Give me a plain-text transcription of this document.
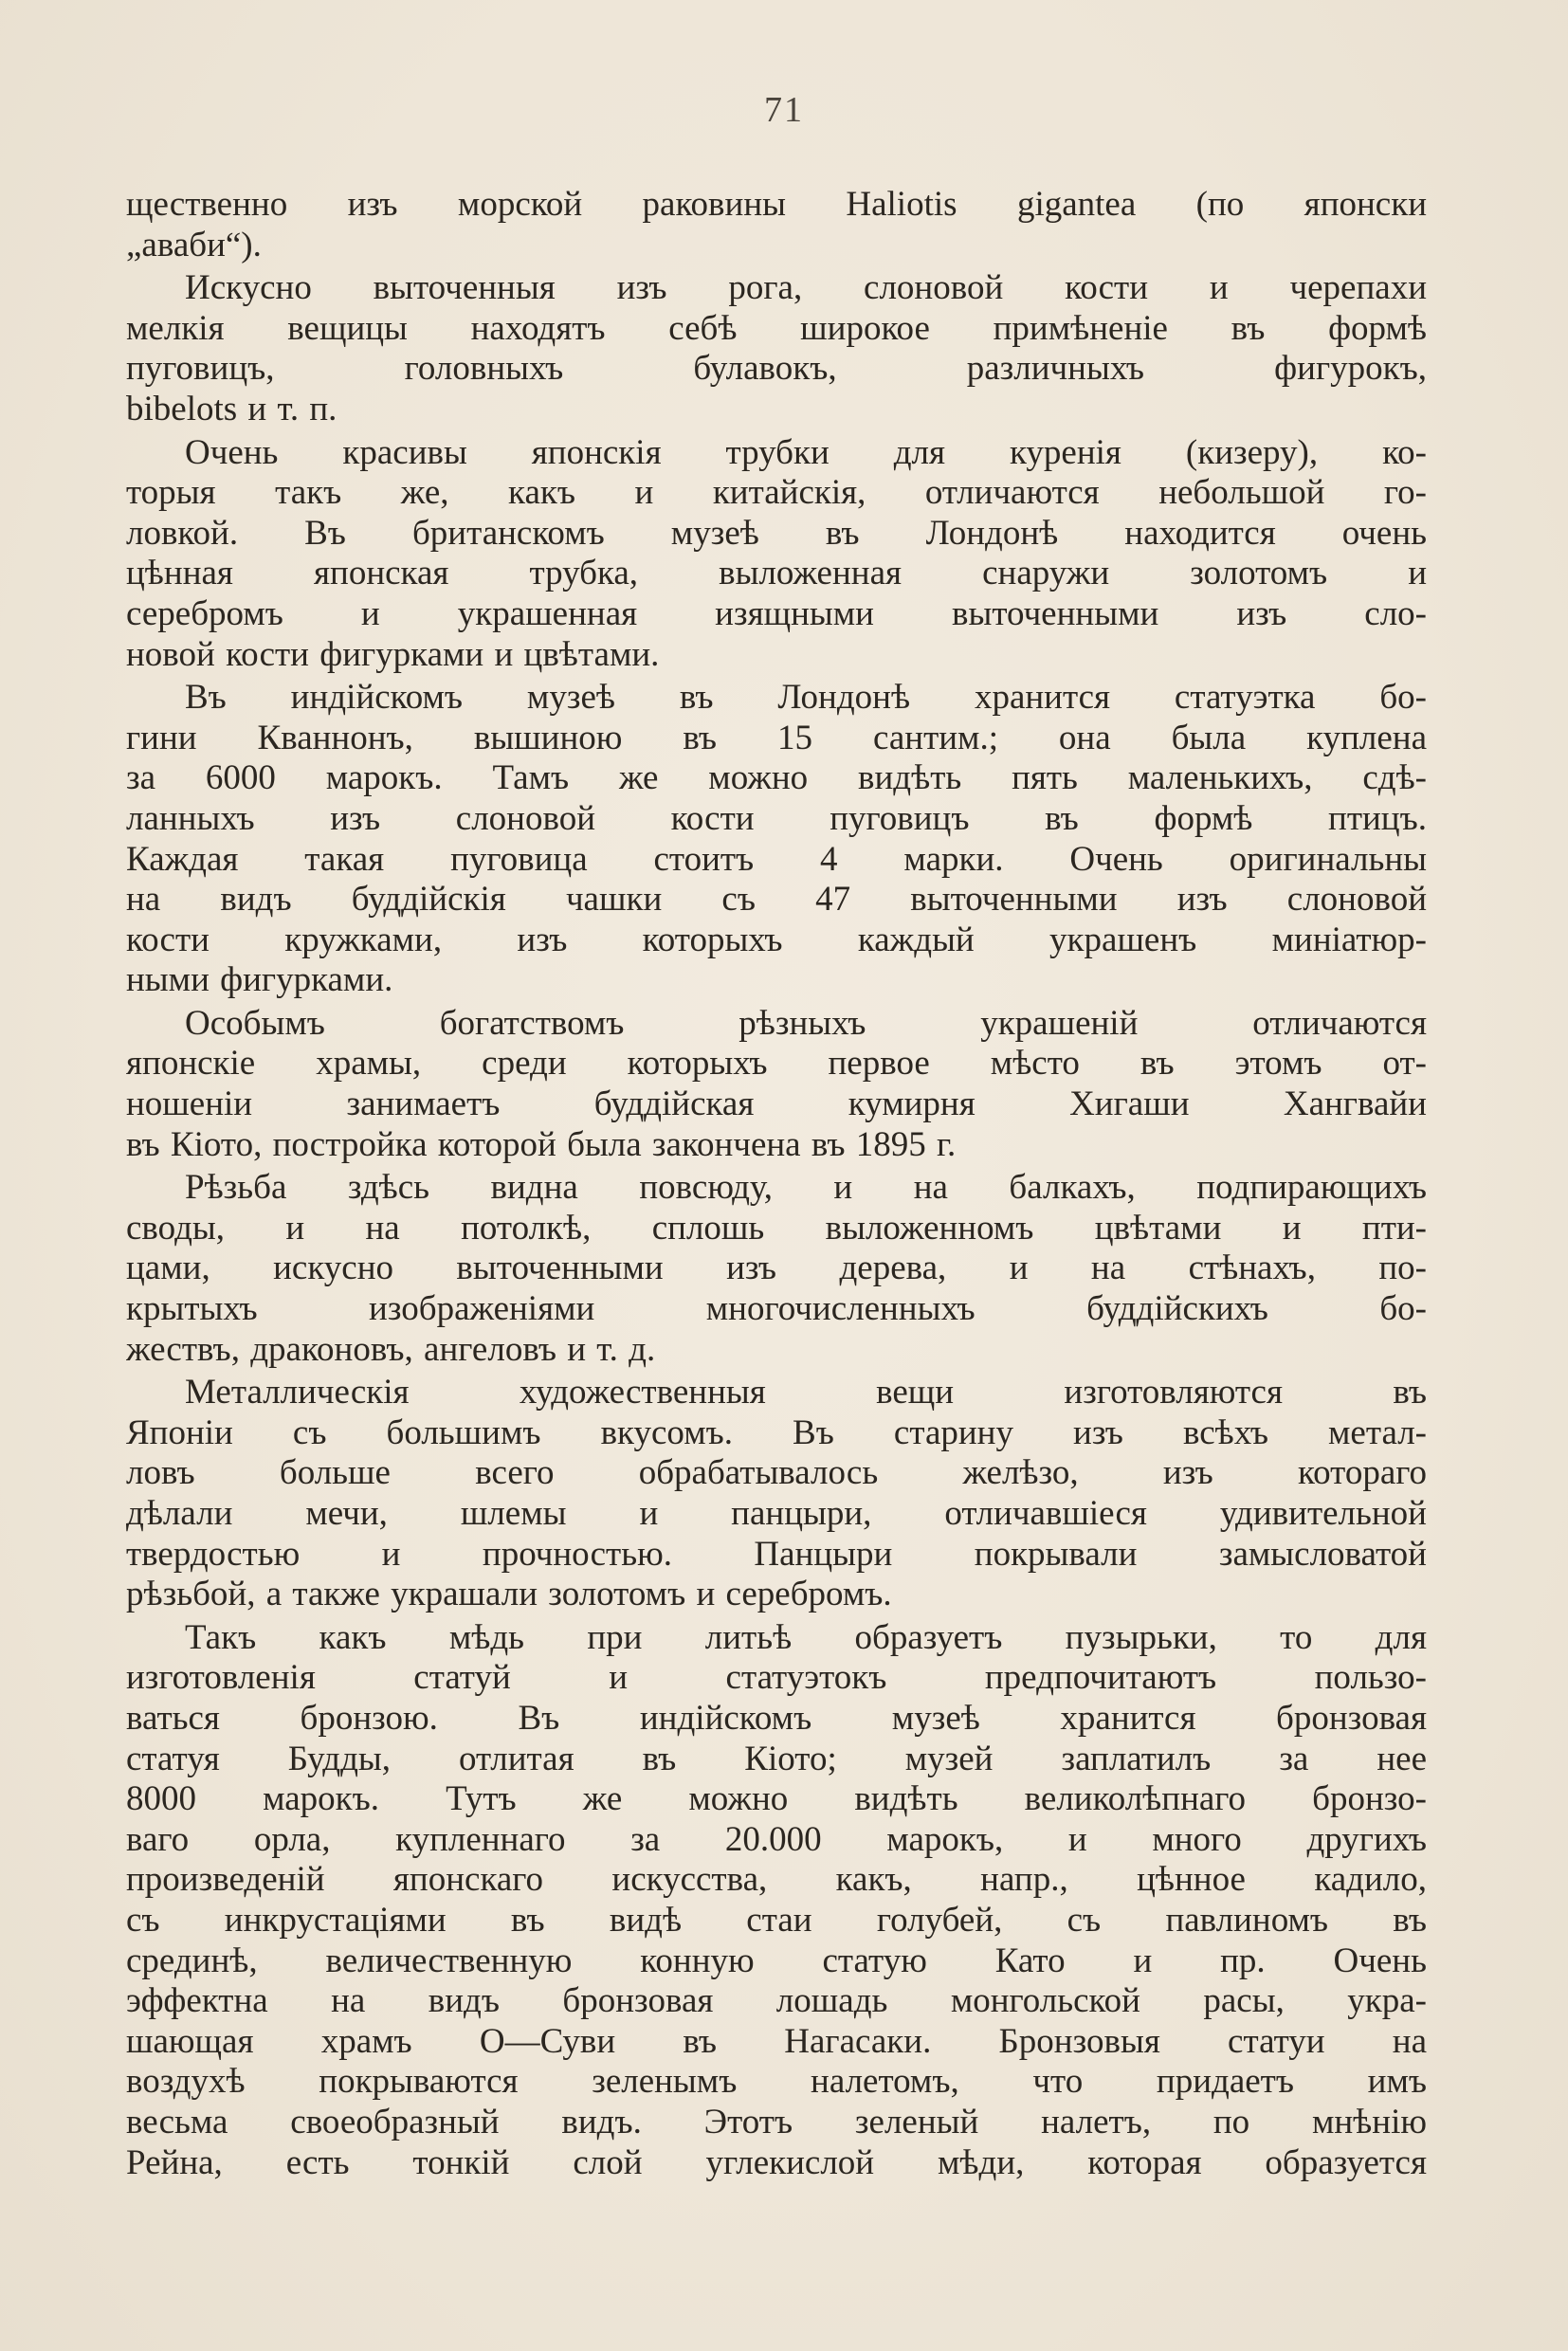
71
щественно изъ морской раковины Haliotis gigantea (по японски
„аваби“).
Искусно выточенныя изъ рога, слоновой кости и черепахи
мелкія вещицы находятъ себѣ широкое примѣненіе въ формѣ
пуговицъ, головныхъ булавокъ, различныхъ фигурокъ,
bibelots и т. п.
Очень красивы японскія трубки для куренія (кизеру), ко-
торыя такъ же, какъ и китайскія, отличаются небольшой го-
ловкой. Въ британскомъ музеѣ въ Лондонѣ находится очень
цѣнная японская трубка, выложенная снаружи золотомъ и
серебромъ и украшенная изящными выточенными изъ сло-
новой кости фигурками и цвѣтами.
Въ индійскомъ музеѣ въ Лондонѣ хранится статуэтка бо-
гини Кваннонъ, вышиною въ 15 сантим.; она была куплена
за 6000 марокъ. Тамъ же можно видѣть пять маленькихъ, сдѣ-
ланныхъ изъ слоновой кости пуговицъ въ формѣ птицъ.
Каждая такая пуговица стоитъ 4 марки. Очень оригинальны
на видъ буддійскія чашки съ 47 выточенными изъ слоновой
кости кружками, изъ которыхъ каждый украшенъ миніатюр-
ными фигурками.
Особымъ богатствомъ рѣзныхъ украшеній отличаются
японскіе храмы, среди которыхъ первое мѣсто въ этомъ от-
ношеніи занимаетъ буддійская кумирня Хигаши Хангвайи
въ Кіото, постройка которой была закончена въ 1895 г.
Рѣзьба здѣсь видна повсюду, и на балкахъ, подпирающихъ
своды, и на потолкѣ, сплошь выложенномъ цвѣтами и пти-
цами, искусно выточенными изъ дерева, и на стѣнахъ, по-
крытыхъ изображеніями многочисленныхъ буддійскихъ бо-
жествъ, драконовъ, ангеловъ и т. д.
Металлическія художественныя вещи изготовляются въ
Японіи съ большимъ вкусомъ. Въ старину изъ всѣхъ метал-
ловъ больше всего обрабатывалось желѣзо, изъ котораго
дѣлали мечи, шлемы и панцыри, отличавшіеся удивительной
твердостью и прочностью. Панцыри покрывали замысловатой
рѣзьбой, а также украшали золотомъ и серебромъ.
Такъ какъ мѣдь при литьѣ образуетъ пузырьки, то для
изготовленія статуй и статуэтокъ предпочитаютъ пользо-
ваться бронзою. Въ индійскомъ музеѣ хранится бронзовая
статуя Будды, отлитая въ Кіото; музей заплатилъ за нее
8000 марокъ. Тутъ же можно видѣть великолѣпнаго бронзо-
ваго орла, купленнаго за 20.000 марокъ, и много другихъ
произведеній японскаго искусства, какъ, напр., цѣнное кадило,
съ инкрустаціями въ видѣ стаи голубей, съ павлиномъ въ
срединѣ, величественную конную статую Като и пр. Очень
эффектна на видъ бронзовая лошадь монгольской расы, укра-
шающая храмъ О—Суви въ Нагасаки. Бронзовыя статуи на
воздухѣ покрываются зеленымъ налетомъ, что придаетъ имъ
весьма своеобразный видъ. Этотъ зеленый налетъ, по мнѣнію
Рейна, есть тонкій слой углекислой мѣди, которая образуется
